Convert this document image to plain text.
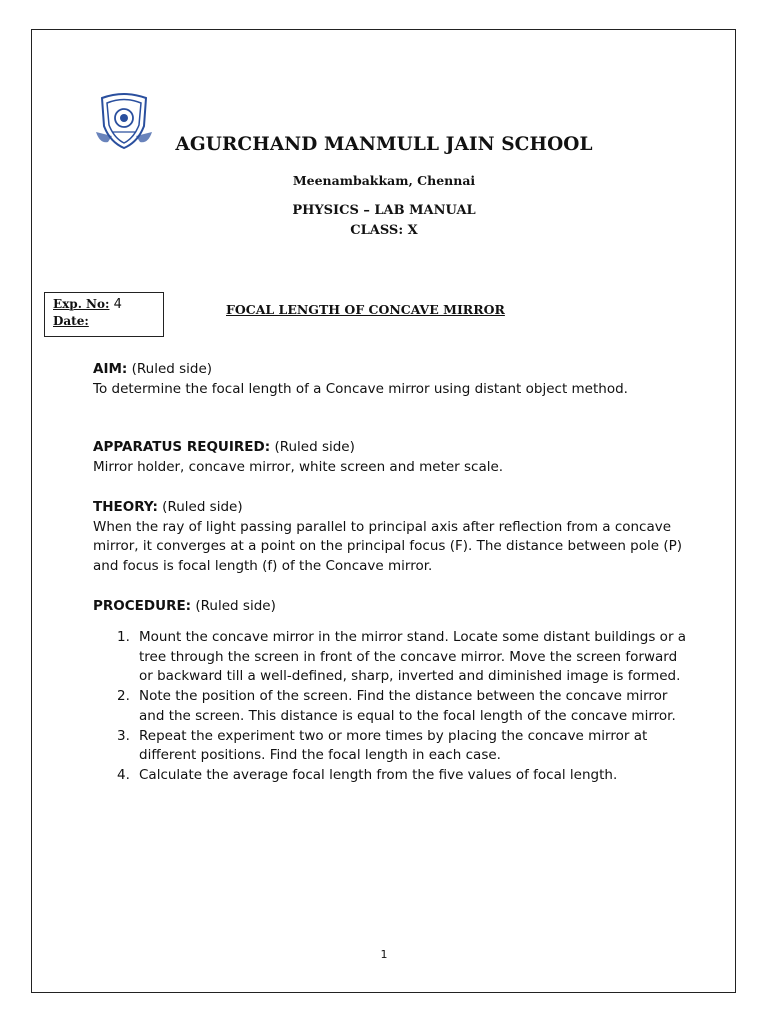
AGURCHAND MANMULL JAIN SCHOOL
Meenambakkam, Chennai
PHYSICS – LAB MANUAL
CLASS: X
Exp. No: 4
Date:
FOCAL LENGTH OF CONCAVE MIRROR
AIM: (Ruled side)
To determine the focal length of a Concave mirror using distant object method.
APPARATUS REQUIRED: (Ruled side)
Mirror holder, concave mirror, white screen and meter scale.
THEORY: (Ruled side)
When the ray of light passing parallel to principal axis after reflection from a concave mirror, it converges at a point on the principal focus (F). The distance between pole (P) and focus is focal length (f) of the Concave mirror.
PROCEDURE: (Ruled side)
1. Mount the concave mirror in the mirror stand. Locate some distant buildings or a tree through the screen in front of the concave mirror. Move the screen forward or backward till a well-defined, sharp, inverted and diminished image is formed.
2. Note the position of the screen. Find the distance between the concave mirror and the screen. This distance is equal to the focal length of the concave mirror.
3. Repeat the experiment two or more times by placing the concave mirror at different positions. Find the focal length in each case.
4. Calculate the average focal length from the five values of focal length.
1
